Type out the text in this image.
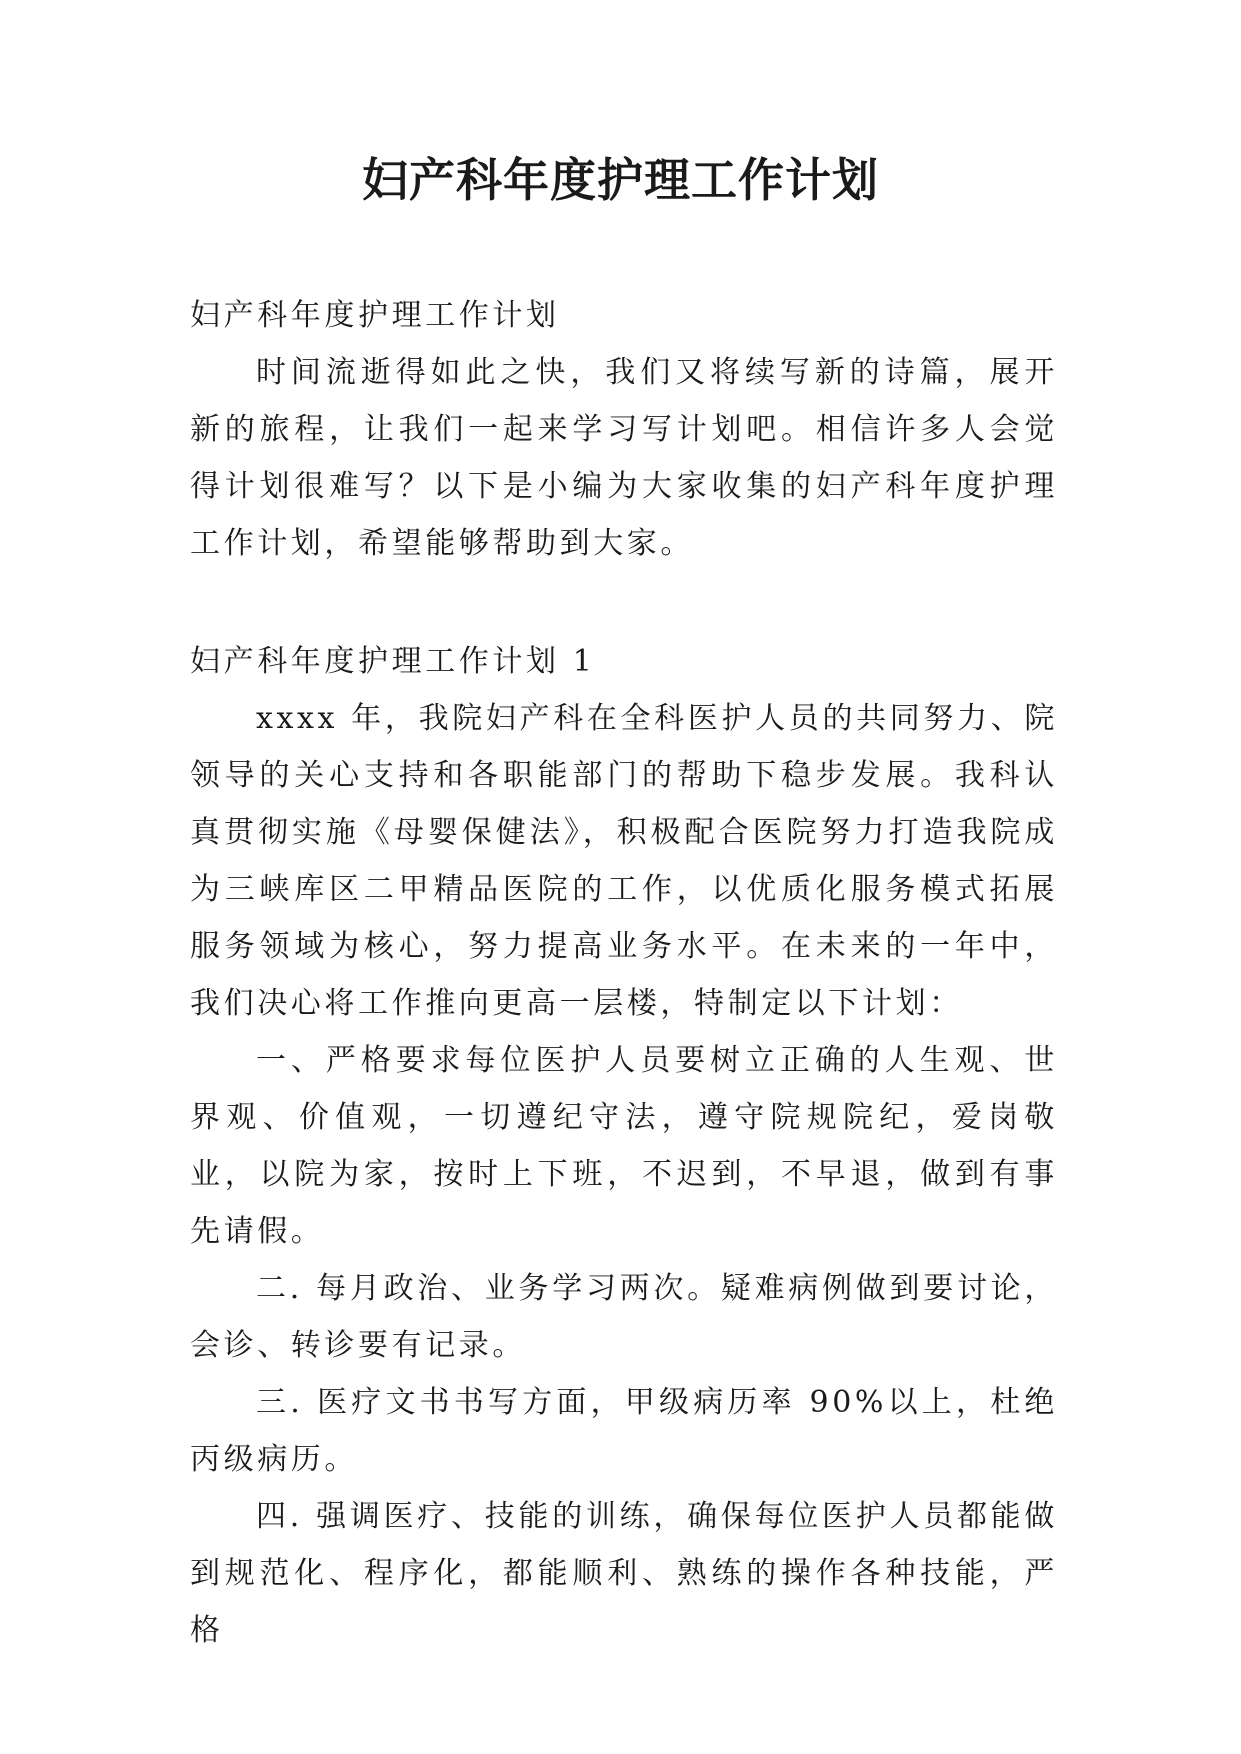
妇产科年度护理工作计划

妇产科年度护理工作计划

时间流逝得如此之快，我们又将续写新的诗篇，展开新的旅程，让我们一起来学习写计划吧。相信许多人会觉得计划很难写？以下是小编为大家收集的妇产科年度护理工作计划，希望能够帮助到大家。

妇产科年度护理工作计划 1

xxxx 年，我院妇产科在全科医护人员的共同努力、院领导的关心支持和各职能部门的帮助下稳步发展。我科认真贯彻实施《母婴保健法》，积极配合医院努力打造我院成为三峡库区二甲精品医院的工作，以优质化服务模式拓展服务领域为核心，努力提高业务水平。在未来的一年中，我们决心将工作推向更高一层楼，特制定以下计划：

一、严格要求每位医护人员要树立正确的人生观、世界观、价值观，一切遵纪守法，遵守院规院纪，爱岗敬业，以院为家，按时上下班，不迟到，不早退，做到有事先请假。

二. 每月政治、业务学习两次。疑难病例做到要讨论，会诊、转诊要有记录。

三. 医疗文书书写方面，甲级病历率 90%以上，杜绝丙级病历。

四. 强调医疗、技能的训练，确保每位医护人员都能做到规范化、程序化，都能顺利、熟练的操作各种技能，严格
